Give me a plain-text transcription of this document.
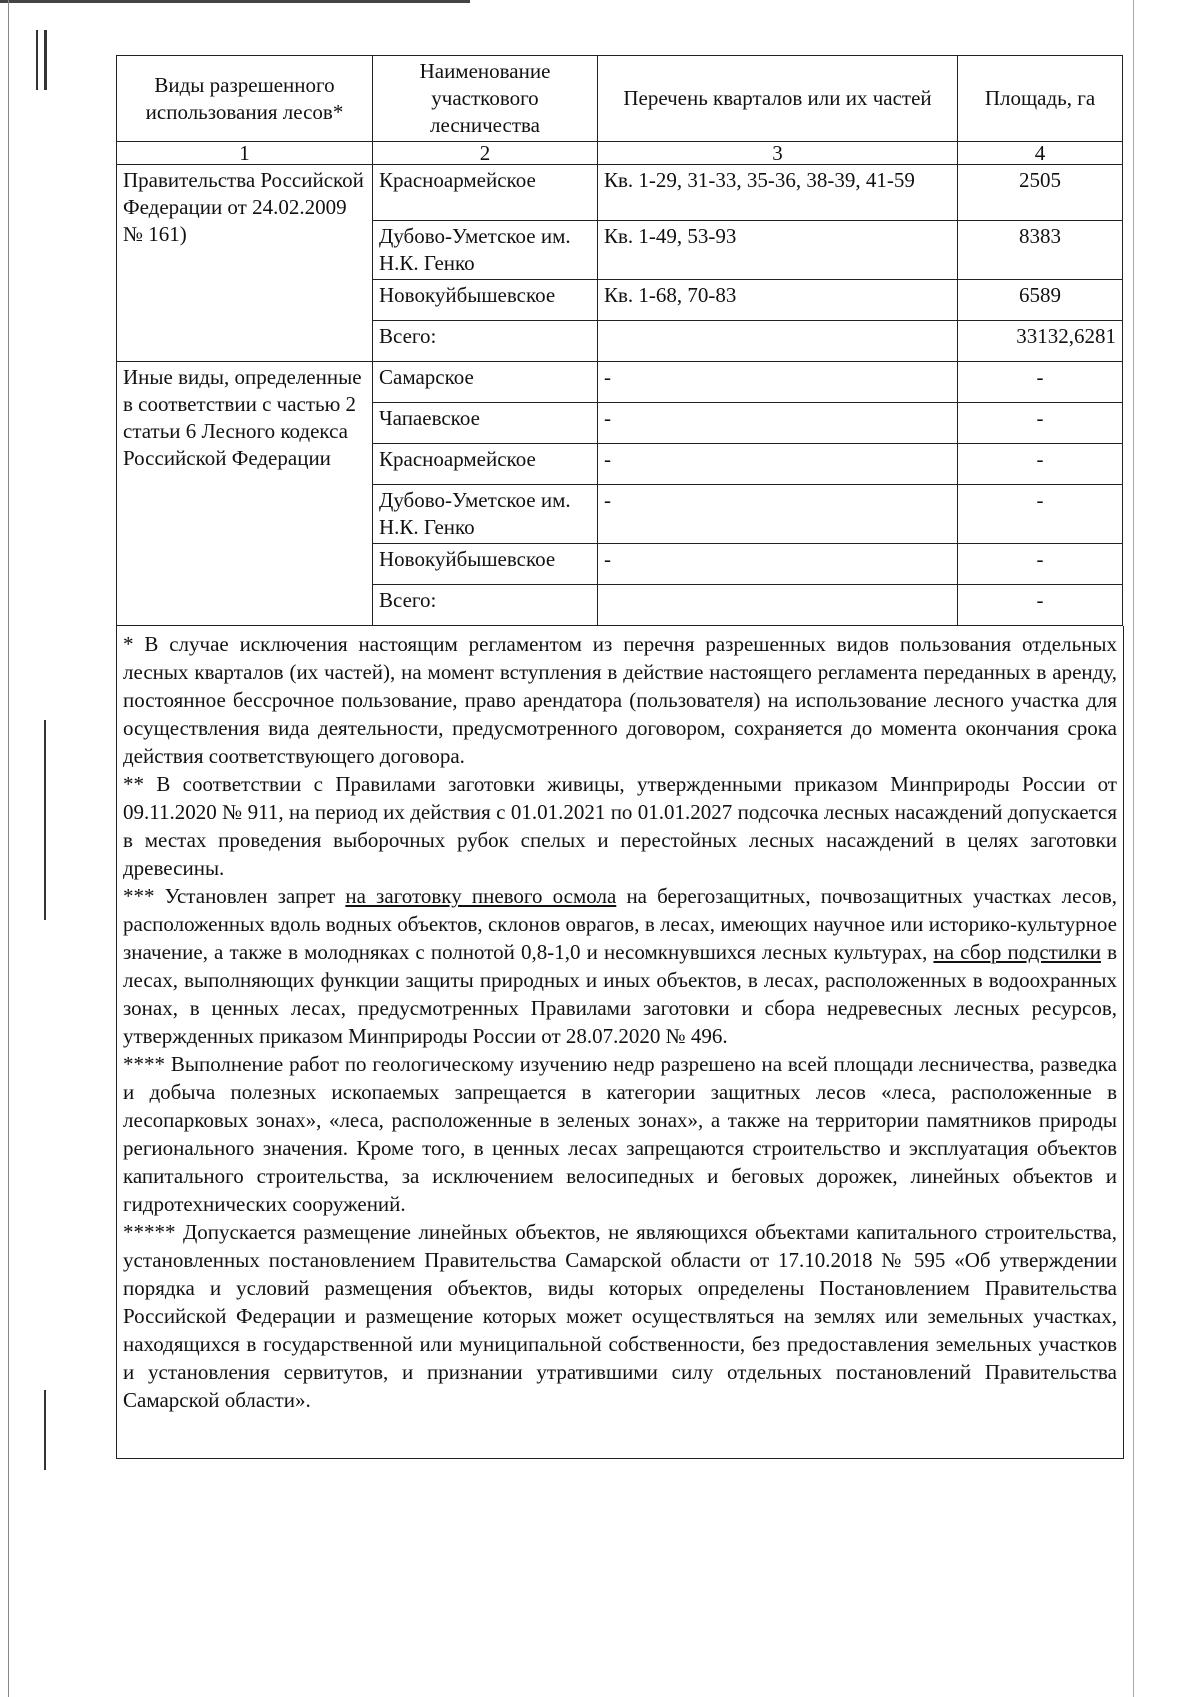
Виды разрешенного использования лесов*	Наименование участкового лесничества	Перечень кварталов или их частей	Площадь, га
1	2	3	4
Правительства Российской Федерации от 24.02.2009 № 161)	Красноармейское	Кв. 1-29, 31-33, 35-36, 38-39, 41-59	2505
	Дубово-Уметское им. Н.К. Генко	Кв. 1-49, 53-93	8383
	Новокуйбышевское	Кв. 1-68, 70-83	6589
	Всего:		33132,6281
Иные виды, определенные в соответствии с частью 2 статьи 6 Лесного кодекса Российской Федерации	Самарское	-	-
	Чапаевское	-	-
	Красноармейское	-	-
	Дубово-Уметское им. Н.К. Генко	-	-
	Новокуйбышевское	-	-
	Всего:		-

* В случае исключения настоящим регламентом из перечня разрешенных видов пользования отдельных лесных кварталов (их частей), на момент вступления в действие настоящего регламента переданных в аренду, постоянное бессрочное пользование, право арендатора (пользователя) на использование лесного участка для осуществления вида деятельности, предусмотренного договором, сохраняется до момента окончания срока действия соответствующего договора.

** В соответствии с Правилами заготовки живицы, утвержденными приказом Минприроды России от 09.11.2020 № 911, на период их действия с 01.01.2021 по 01.01.2027 подсочка лесных насаждений допускается в местах проведения выборочных рубок спелых и перестойных лесных насаждений в целях заготовки древесины.

*** Установлен запрет на заготовку пневого осмола на берегозащитных, почвозащитных участках лесов, расположенных вдоль водных объектов, склонов оврагов, в лесах, имеющих научное или историко-культурное значение, а также в молодняках с полнотой 0,8-1,0 и несомкнувшихся лесных культурах, на сбор подстилки в лесах, выполняющих функции защиты природных и иных объектов, в лесах, расположенных в водоохранных зонах, в ценных лесах, предусмотренных Правилами заготовки и сбора недревесных лесных ресурсов, утвержденных приказом Минприроды России от 28.07.2020 № 496.

**** Выполнение работ по геологическому изучению недр разрешено на всей площади лесничества, разведка и добыча полезных ископаемых запрещается в категории защитных лесов «леса, расположенные в лесопарковых зонах», «леса, расположенные в зеленых зонах», а также на территории памятников природы регионального значения. Кроме того, в ценных лесах запрещаются строительство и эксплуатация объектов капитального строительства, за исключением велосипедных и беговых дорожек, линейных объектов и гидротехнических сооружений.

***** Допускается размещение линейных объектов, не являющихся объектами капитального строительства, установленных постановлением Правительства Самарской области от 17.10.2018 № 595 «Об утверждении порядка и условий размещения объектов, виды которых определены Постановлением Правительства Российской Федерации и размещение которых может осуществляться на землях или земельных участках, находящихся в государственной или муниципальной собственности, без предоставления земельных участков и установления сервитутов, и признании утратившими силу отдельных постановлений Правительства Самарской области».
